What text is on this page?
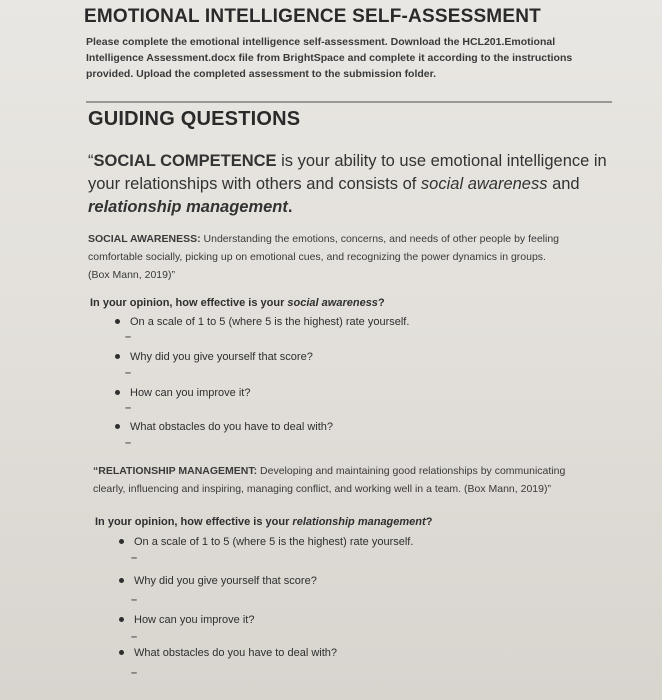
EMOTIONAL INTELLIGENCE SELF-ASSESSMENT
Please complete the emotional intelligence self-assessment. Download the HCL201.Emotional
Intelligence Assessment.docx file from BrightSpace and complete it according to the instructions
provided. Upload the completed assessment to the submission folder.
GUIDING QUESTIONS
“SOCIAL COMPETENCE is your ability to use emotional intelligence in
your relationships with others and consists of social awareness and
relationship management.
SOCIAL AWARENESS: Understanding the emotions, concerns, and needs of other people by feeling
comfortable socially, picking up on emotional cues, and recognizing the power dynamics in groups.
(Box Mann, 2019)”
In your opinion, how effective is your social awareness?
On a scale of 1 to 5 (where 5 is the highest) rate yourself.
–
Why did you give yourself that score?
–
How can you improve it?
–
What obstacles do you have to deal with?
–
“RELATIONSHIP MANAGEMENT: Developing and maintaining good relationships by communicating
clearly, influencing and inspiring, managing conflict, and working well in a team. (Box Mann, 2019)”
In your opinion, how effective is your relationship management?
On a scale of 1 to 5 (where 5 is the highest) rate yourself.
–
Why did you give yourself that score?
–
How can you improve it?
–
What obstacles do you have to deal with?
–
